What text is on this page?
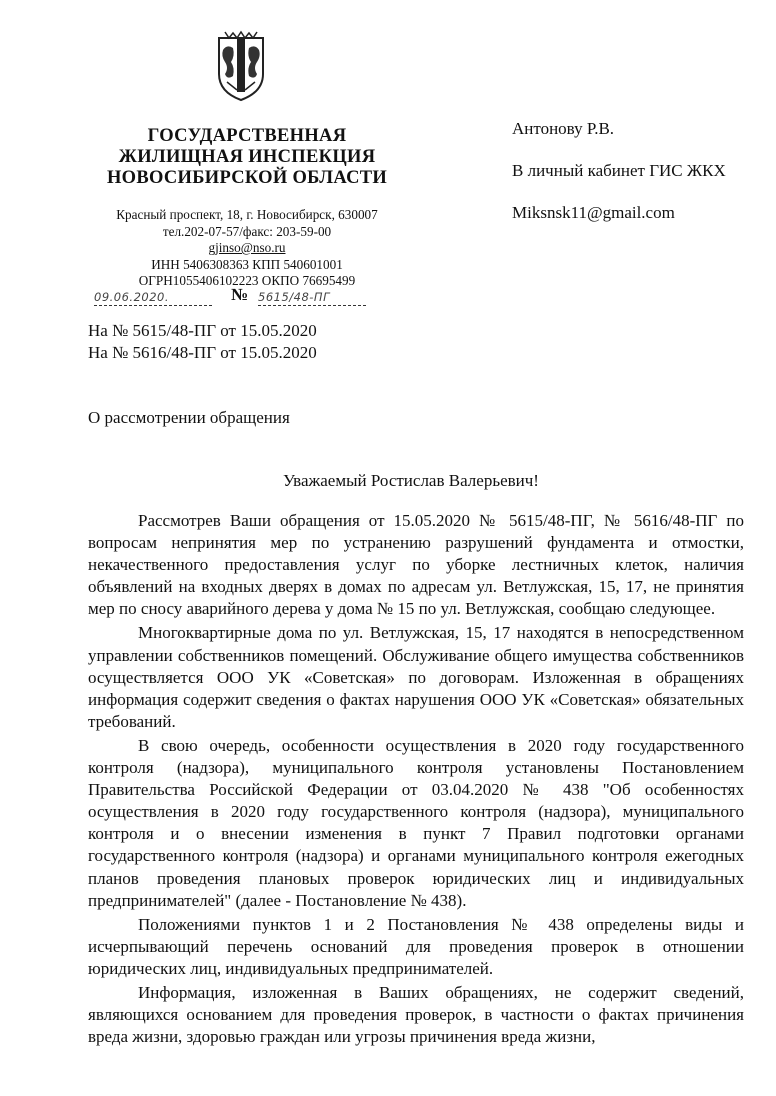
ГОСУДАРСТВЕННАЯ
ЖИЛИЩНАЯ ИНСПЕКЦИЯ
НОВОСИБИРСКОЙ ОБЛАСТИ
Красный проспект, 18, г. Новосибирск, 630007
тел.202-07-57/факс: 203-59-00
gjinso@nso.ru
ИНН 5406308363 КПП 540601001
ОГРН1055406102223 ОКПО 76695499
09.06.2020.	№ 5615/48-ПГ
На № 5615/48-ПГ от 15.05.2020
На № 5616/48-ПГ от 15.05.2020
Антонову Р.В.
В личный кабинет ГИС ЖКХ
Miksnsk11@gmail.com
О рассмотрении обращения
Уважаемый Ростислав Валерьевич!

Рассмотрев Ваши обращения от 15.05.2020 № 5615/48-ПГ, № 5616/48-ПГ по вопросам непринятия мер по устранению разрушений фундамента и отмостки, некачественного предоставления услуг по уборке лестничных клеток, наличия объявлений на входных дверях в домах по адресам ул. Ветлужская, 15, 17, не принятия мер по сносу аварийного дерева у дома № 15 по ул. Ветлужская, сообщаю следующее.

Многоквартирные дома по ул. Ветлужская, 15, 17 находятся в непосредственном управлении собственников помещений. Обслуживание общего имущества собственников осуществляется ООО УК «Советская» по договорам. Изложенная в обращениях информация содержит сведения о фактах нарушения ООО УК «Советская» обязательных требований.

В свою очередь, особенности осуществления в 2020 году государственного контроля (надзора), муниципального контроля установлены Постановлением Правительства Российской Федерации от 03.04.2020 № 438 "Об особенностях осуществления в 2020 году государственного контроля (надзора), муниципального контроля и о внесении изменения в пункт 7 Правил подготовки органами государственного контроля (надзора) и органами муниципального контроля ежегодных планов проведения плановых проверок юридических лиц и индивидуальных предпринимателей" (далее - Постановление № 438).

Положениями пунктов 1 и 2 Постановления № 438 определены виды и исчерпывающий перечень оснований для проведения проверок в отношении юридических лиц, индивидуальных предпринимателей.

Информация, изложенная в Ваших обращениях, не содержит сведений, являющихся основанием для проведения проверок, в частности о фактах причинения вреда жизни, здоровью граждан или угрозы причинения вреда жизни,
